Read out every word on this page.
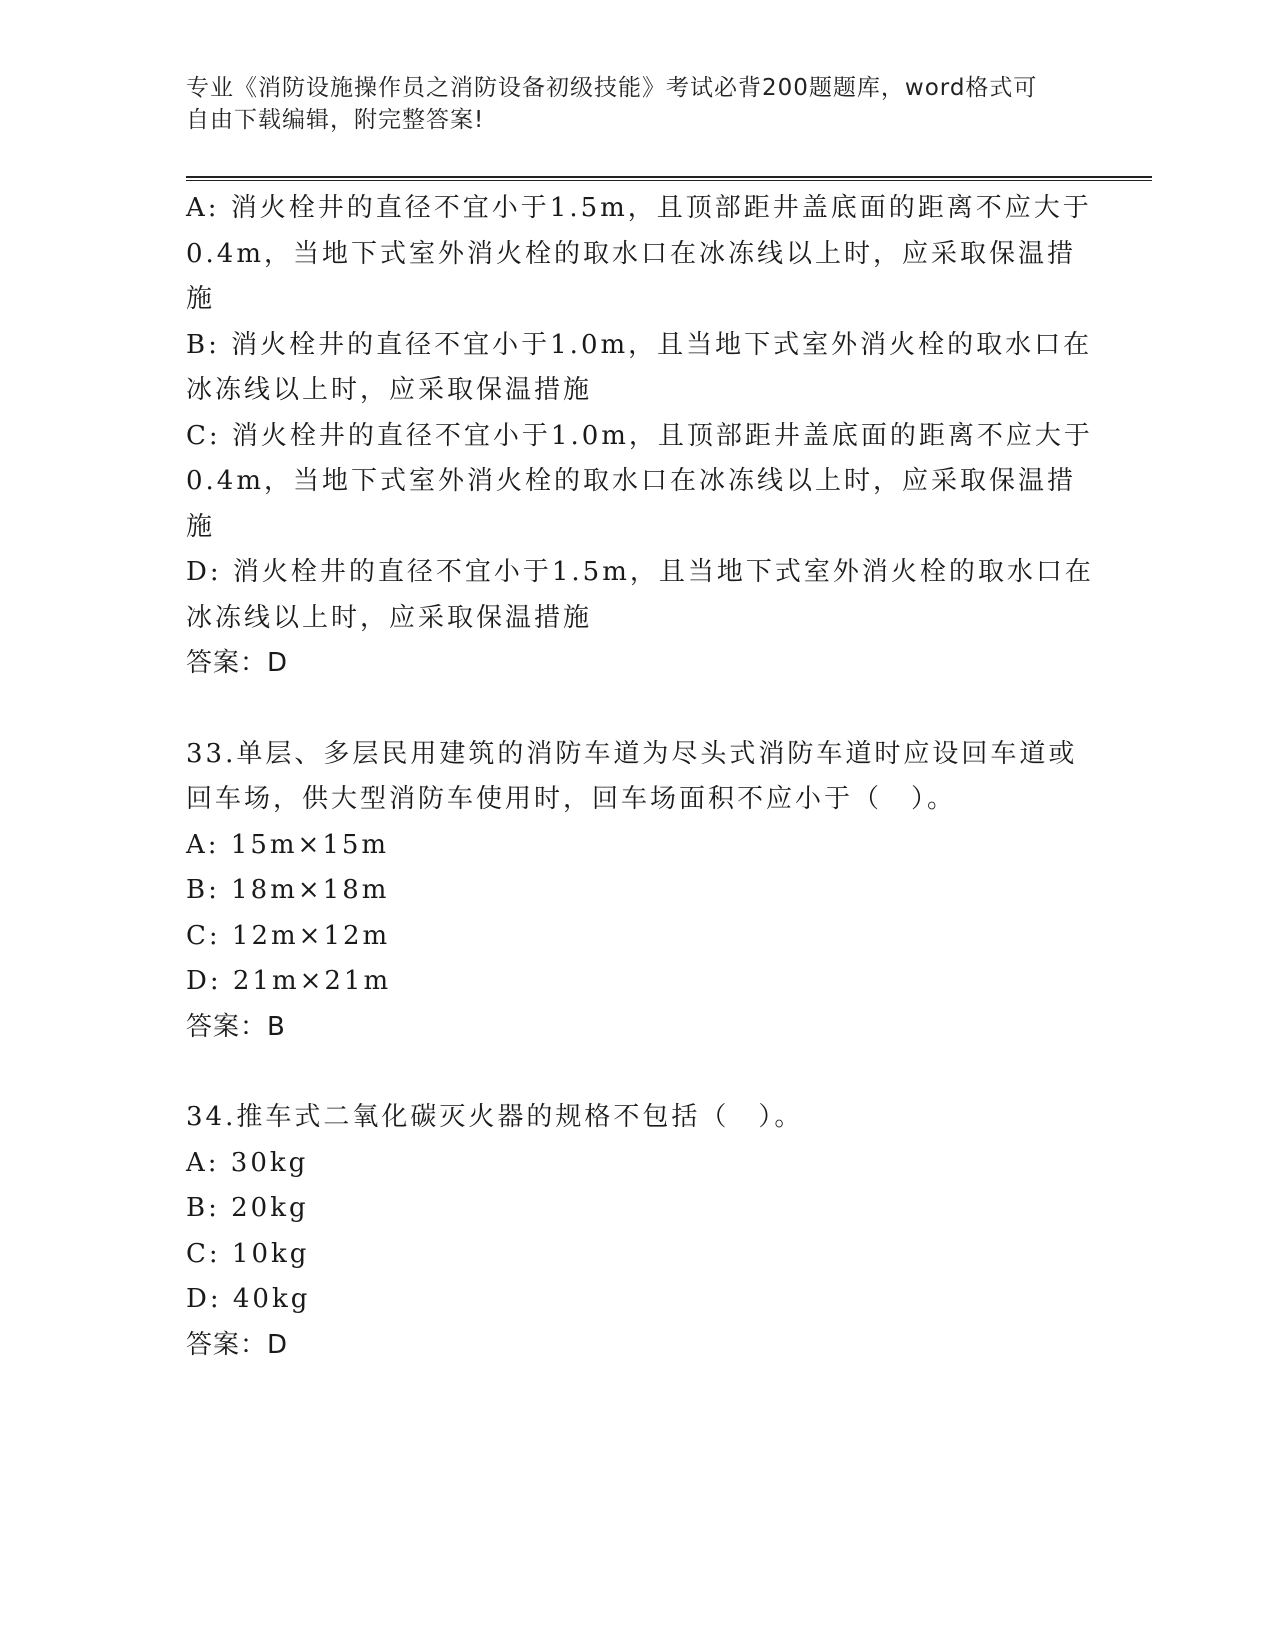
专业《消防设施操作员之消防设备初级技能》考试必背200题题库，word格式可
自由下载编辑，附完整答案!
A: 消火栓井的直径不宜小于1.5m，且顶部距井盖底面的距离不应大于
0.4m，当地下式室外消火栓的取水口在冰冻线以上时，应采取保温措
施
B: 消火栓井的直径不宜小于1.0m，且当地下式室外消火栓的取水口在
冰冻线以上时，应采取保温措施
C: 消火栓井的直径不宜小于1.0m，且顶部距井盖底面的距离不应大于
0.4m，当地下式室外消火栓的取水口在冰冻线以上时，应采取保温措
施
D: 消火栓井的直径不宜小于1.5m，且当地下式室外消火栓的取水口在
冰冻线以上时，应采取保温措施
答案：D
33.单层、多层民用建筑的消防车道为尽头式消防车道时应设回车道或
回车场，供大型消防车使用时，回车场面积不应小于（　）。
A: 15m×15m
B: 18m×18m
C: 12m×12m
D: 21m×21m
答案：B
34.推车式二氧化碳灭火器的规格不包括（　）。
A: 30kg
B: 20kg
C: 10kg
D: 40kg
答案：D
